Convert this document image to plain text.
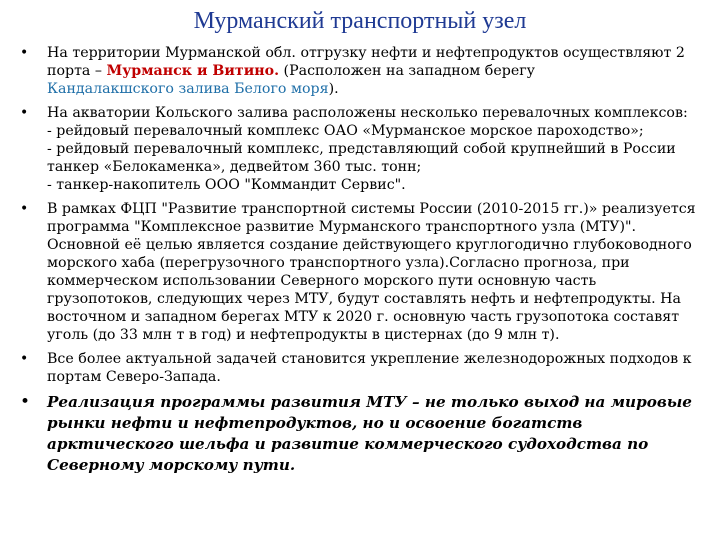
Мурманский транспортный узел
•	На территории Мурманской обл. отгрузку нефти и нефтепродуктов осуществляют 2 порта – Мурманск и Витино. (Расположен на западном берегу
Кандалакшского залива Белого моря).
•	На акватории Кольского залива расположены несколько перевалочных комплексов:
- рейдовый перевалочный комплекс ОАО «Мурманское морское пароходство»;
- рейдовый перевалочный комплекс, представляющий собой крупнейший в России танкер «Белокаменка», дедвейтом 360 тыс. тонн;
- танкер-накопитель ООО "Коммандит Сервис".
•	В рамках ФЦП "Развитие транспортной системы России (2010-2015 гг.)» реализуется программа "Комплексное развитие Мурманского транспортного узла (МТУ)". Основной её целью является создание действующего круглогодично глубоководного морского хаба (перегрузочного транспортного узла).Согласно прогноза, при коммерческом использовании Северного морского пути основную часть грузопотоков, следующих через МТУ, будут составлять нефть и нефтепродукты. На восточном и западном берегах МТУ к 2020 г. основную часть грузопотока составят уголь (до 33 млн т в год) и нефтепродукты в цистернах (до 9 млн т).
•	Все более актуальной задачей становится укрепление железнодорожных подходов к портам Северо-Запада.
•	Реализация программы развития МТУ – не только выход на мировые рынки нефти и нефтепродуктов, но и освоение богатств арктического шельфа и развитие коммерческого судоходства по Северному морскому пути.
